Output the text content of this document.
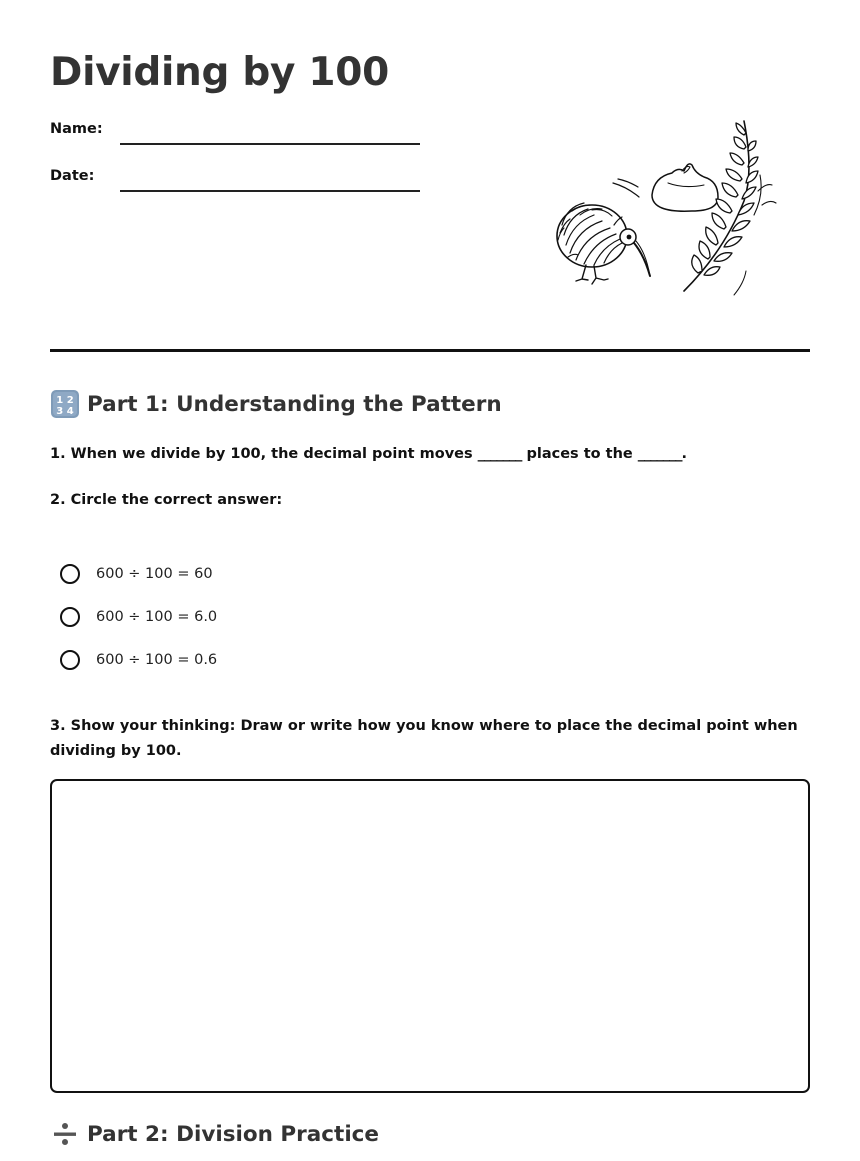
Dividing by 100
Name:
Date:
1 2
3 4 Part 1: Understanding the Pattern

1. When we divide by 100, the decimal point moves _______ places to the _______.

2. Circle the correct answer:

600 ÷ 100 = 60
600 ÷ 100 = 6.0
600 ÷ 100 = 0.6

3. Show your thinking: Draw or write how you know where to place the decimal point when dividing by 100.

Part 2: Division Practice
